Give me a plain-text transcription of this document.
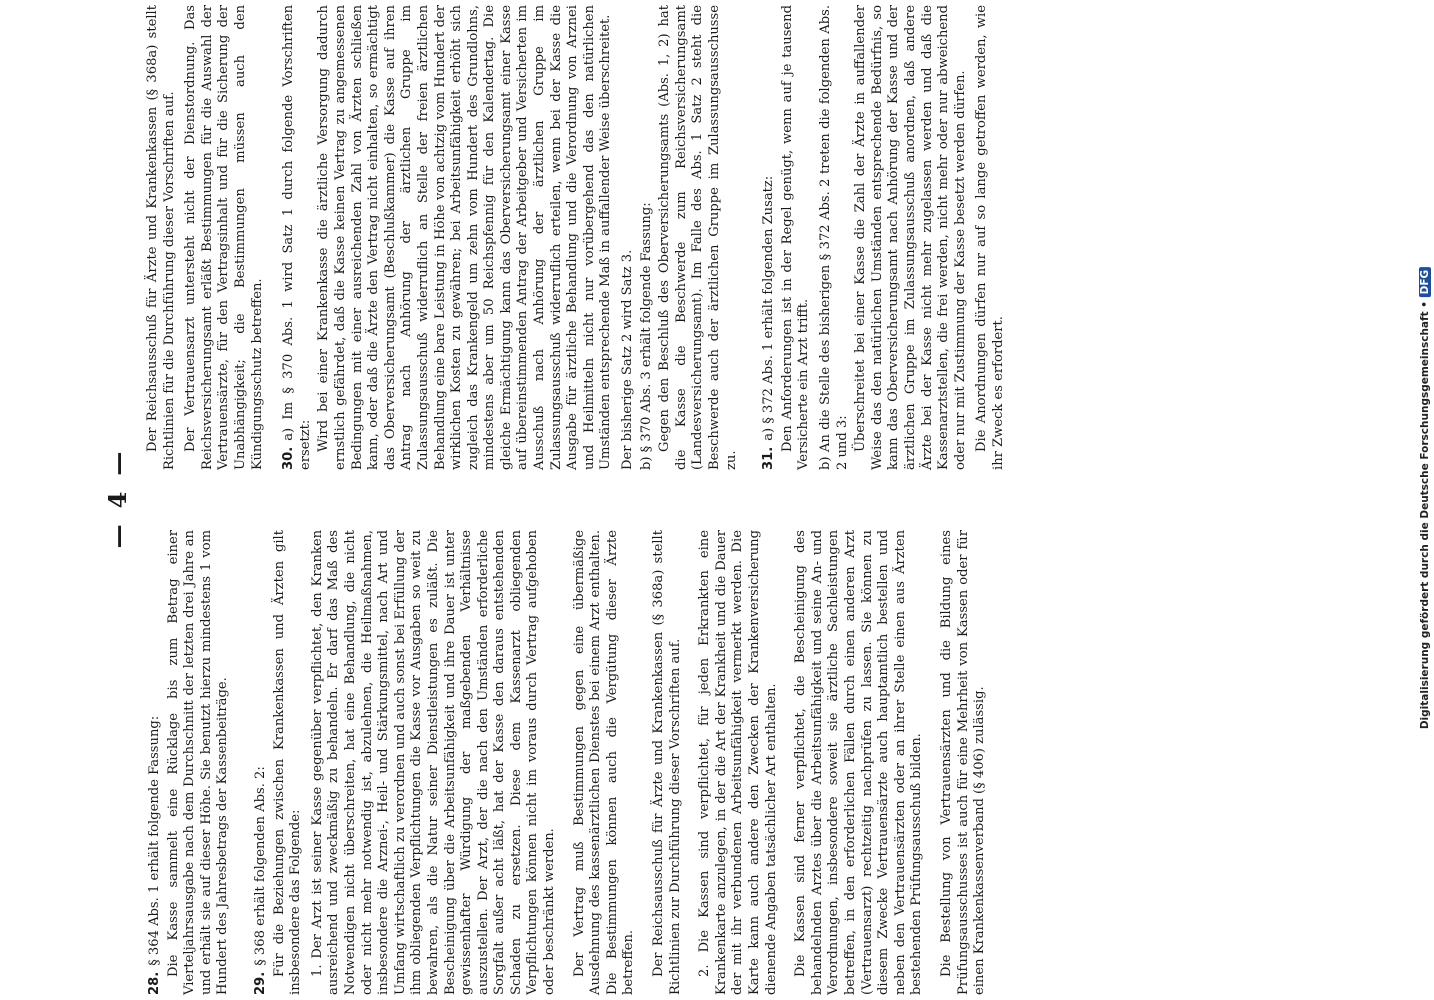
Digitalisierung gefördert durch die Deutsche Forschungsgemeinschaft • DFG
—
4
—

28.§ 364 Abs. 1 erhält folgende Fassung: Die Kasse sammelt eine Rücklage bis zum Betrag einer Vierteljahrsausgabe nach dem Durchschnitt der letzten drei Jahre an und erhält sie auf dieser Höhe. Sie benutzt hierzu mindestens 1 vom Hundert des Jahresbetrags der Kassenbeiträge. 29.§ 368 erhält folgenden Abs. 2: Für die Beziehungen zwischen Krankenkassen und Ärzten gilt insbesondere das Folgende: 1. Der Arzt ist seiner Kasse gegenüber verpflichtet, den Kranken ausreichend und zweckmäßig zu behandeln. Er darf das Maß des Notwendigen nicht überschreiten, hat eine Behandlung, die nicht oder nicht mehr notwendig ist, abzulehnen, die Heilmaßnahmen, insbesondere die Arznei-, Heil- und Stärkungsmittel, nach Art und Umfang wirtschaftlich zu verordnen und auch sonst bei Erfüllung der ihm obliegenden Verpflichtungen die Kasse vor Ausgaben so weit zu bewahren, als die Natur seiner Dienstleistungen es zuläßt. Die Bescheinigung über die Arbeitsunfähigkeit und ihre Dauer ist unter gewissenhafter Würdigung der maßgebenden Verhältnisse auszustellen. Der Arzt, der die nach den Umständen erforderliche Sorgfalt außer acht läßt, hat der Kasse den daraus entstehenden Schaden zu ersetzen. Diese dem Kassenarzt obliegenden Verpflichtungen können nicht im voraus durch Vertrag aufgehoben oder beschränkt werden. Der Vertrag muß Bestimmungen gegen eine übermäßige Ausdehnung des kassenärztlichen Dienstes bei einem Arzt enthalten. Die Bestimmungen können auch die Vergütung dieser Ärzte betreffen. Der Reichsausschuß für Ärzte und Krankenkassen (§ 368a) stellt Richtlinien zur Durchführung dieser Vorschriften auf. 2. Die Kassen sind verpflichtet, für jeden Erkrankten eine Krankenkarte anzulegen, in der die Art der Krankheit und die Dauer der mit ihr verbundenen Arbeitsunfähigkeit vermerkt werden. Die Karte kann auch andere den Zwecken der Krankenversicherung dienende Angaben tatsächlicher Art enthalten. Die Kassen sind ferner verpflichtet, die Bescheinigung des behandelnden Arztes über die Arbeitsunfähigkeit und seine An- und Verordnungen, insbesondere soweit sie ärztliche Sachleistungen betreffen, in den erforderlichen Fällen durch einen anderen Arzt (Vertrauensarzt) rechtzeitig nachprüfen zu lassen. Sie können zu diesem Zwecke Vertrauensärzte auch hauptamtlich bestellen und neben den Vertrauensärzten oder an ihrer Stelle einen aus Ärzten bestehenden Prüfungsausschuß bilden. Die Bestellung von Vertrauensärzten und die Bildung eines Prüfungsausschusses ist auch für eine Mehrheit von Kassen oder für einen Krankenkassenverband (§ 406) zulässig.

Der Reichsausschuß für Ärzte und Krankenkassen (§ 368a) stellt Richtlinien für die Durchführung dieser Vorschriften auf. Der Vertrauensarzt untersteht nicht der Dienstordnung. Das Reichsversicherungsamt erläßt Bestimmungen für die Auswahl der Vertrauensärzte, für den Vertragsinhalt und für die Sicherung der Unabhängigkeit; die Bestimmungen müssen auch den Kündigungsschutz betreffen. 30.a) Im § 370 Abs. 1 wird Satz 1 durch folgende Vorschriften ersetzt: Wird bei einer Krankenkasse die ärztliche Versorgung dadurch ernstlich gefährdet, daß die Kasse keinen Vertrag zu angemessenen Bedingungen mit einer ausreichenden Zahl von Ärzten schließen kann, oder daß die Ärzte den Vertrag nicht einhalten, so ermächtigt das Oberversicherungsamt (Beschlußkammer) die Kasse auf ihren Antrag nach Anhörung der ärztlichen Gruppe im Zulassungsausschuß widerruflich an Stelle der freien ärztlichen Behandlung eine bare Leistung in Höhe von achtzig vom Hundert der wirklichen Kosten zu gewähren; bei Arbeitsunfähigkeit erhöht sich zugleich das Krankengeld um zehn vom Hundert des Grundlohns, mindestens aber um 50 Reichspfennig für den Kalendertag. Die gleiche Ermächtigung kann das Oberversicherungsamt einer Kasse auf übereinstimmenden Antrag der Arbeitgeber und Versicherten im Ausschuß nach Anhörung der ärztlichen Gruppe im Zulassungsausschuß widerruflich erteilen, wenn bei der Kasse die Ausgabe für ärztliche Behandlung und die Verordnung von Arznei und Heilmitteln nicht nur vorübergehend das den natürlichen Umständen entsprechende Maß in auffallender Weise überschreitet. Der bisherige Satz 2 wird Satz 3. b) § 370 Abs. 3 erhält folgende Fassung: Gegen den Beschluß des Oberversicherungsamts (Abs. 1, 2) hat die Kasse die Beschwerde zum Reichsversicherungsamt (Landesversicherungsamt). Im Falle des Abs. 1 Satz 2 steht die Beschwerde auch der ärztlichen Gruppe im Zulassungsausschusse zu. 31.a) § 372 Abs. 1 erhält folgenden Zusatz: Den Anforderungen ist in der Regel genügt, wenn auf je tausend Versicherte ein Arzt trifft. b) An die Stelle des bisherigen § 372 Abs. 2 treten die folgenden Abs. 2 und 3: Überschreitet bei einer Kasse die Zahl der Ärzte in auffallender Weise das den natürlichen Umständen entsprechende Bedürfnis, so kann das Oberversicherungsamt nach Anhörung der Kasse und der ärztlichen Gruppe im Zulassungsausschuß anordnen, daß andere Ärzte bei der Kasse nicht mehr zugelassen werden und daß die Kassenarztstellen, die frei werden, nicht mehr oder nur abweichend oder nur mit Zustimmung der Kasse besetzt werden dürfen. Die Anordnungen dürfen nur auf so lange getroffen werden, wie ihr Zweck es erfordert.
